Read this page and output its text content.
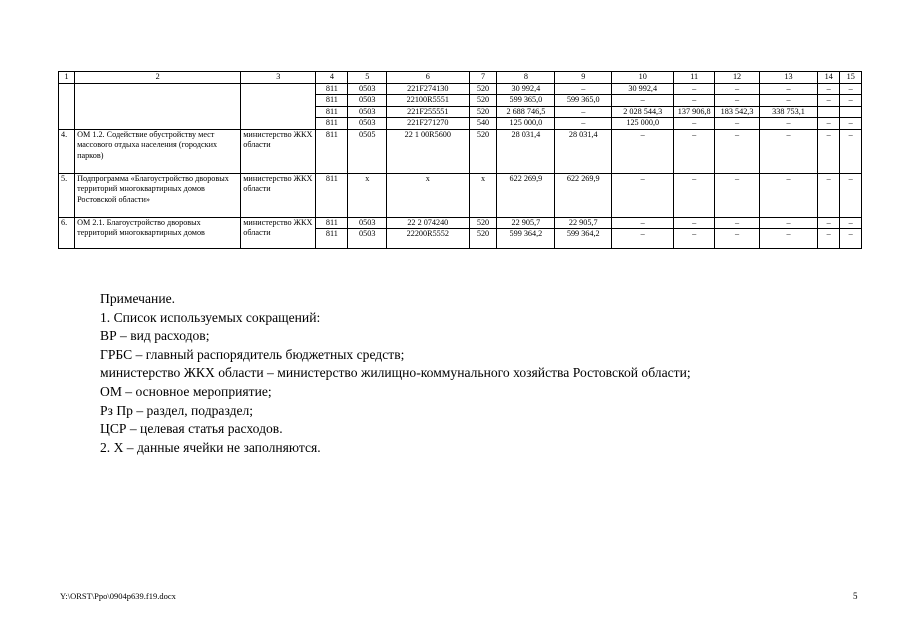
1	2	3	4	5	6	7	8	9	10	11	12	13	14	15
			811	0503	221F274130	520	30 992,4	–	30 992,4	–	–	–	–	–
			811	0503	22100R5551	520	599 365,0	599 365,0	–	–	–	–	–	–
			811	0503	221F255551	520	2 688 746,5	–	2 028 544,3	137 906,8	183 542,3	338 753,1		
			811	0503	221F271270	540	125 000,0	–	125 000,0	–	–	–	–	–
4.	ОМ 1.2. Содействие обустройству мест массового отдыха населения (городских парков)	министерство ЖКХ области	811	0505	22 1 00R5600	520	28 031,4	28 031,4	–	–	–	–	–	–
5.	Подпрограмма «Благоустройство дворовых территорий многоквартирных домов Ростовской области»	министерство ЖКХ области	811	x	x	x	622 269,9	622 269,9	–	–	–	–	–	–
6.	ОМ 2.1. Благоустройство дворовых территорий многоквартирных домов	министерство ЖКХ области	811	0503	22 2 074240	520	22 905,7	22 905,7	–	–	–	–	–	–
			811	0503	22200R5552	520	599 364,2	599 364,2	–	–	–	–	–	–
Примечание.
1. Список используемых сокращений:
ВР – вид расходов;
ГРБС – главный распорядитель бюджетных средств;
министерство ЖКХ области – министерство жилищно-коммунального хозяйства Ростовской области;
ОМ – основное мероприятие;
Рз Пр – раздел, подраздел;
ЦСР – целевая статья расходов.
2. Х – данные ячейки не заполняются.
Y:\ORST\Ppo\0904p639.f19.docx	5
